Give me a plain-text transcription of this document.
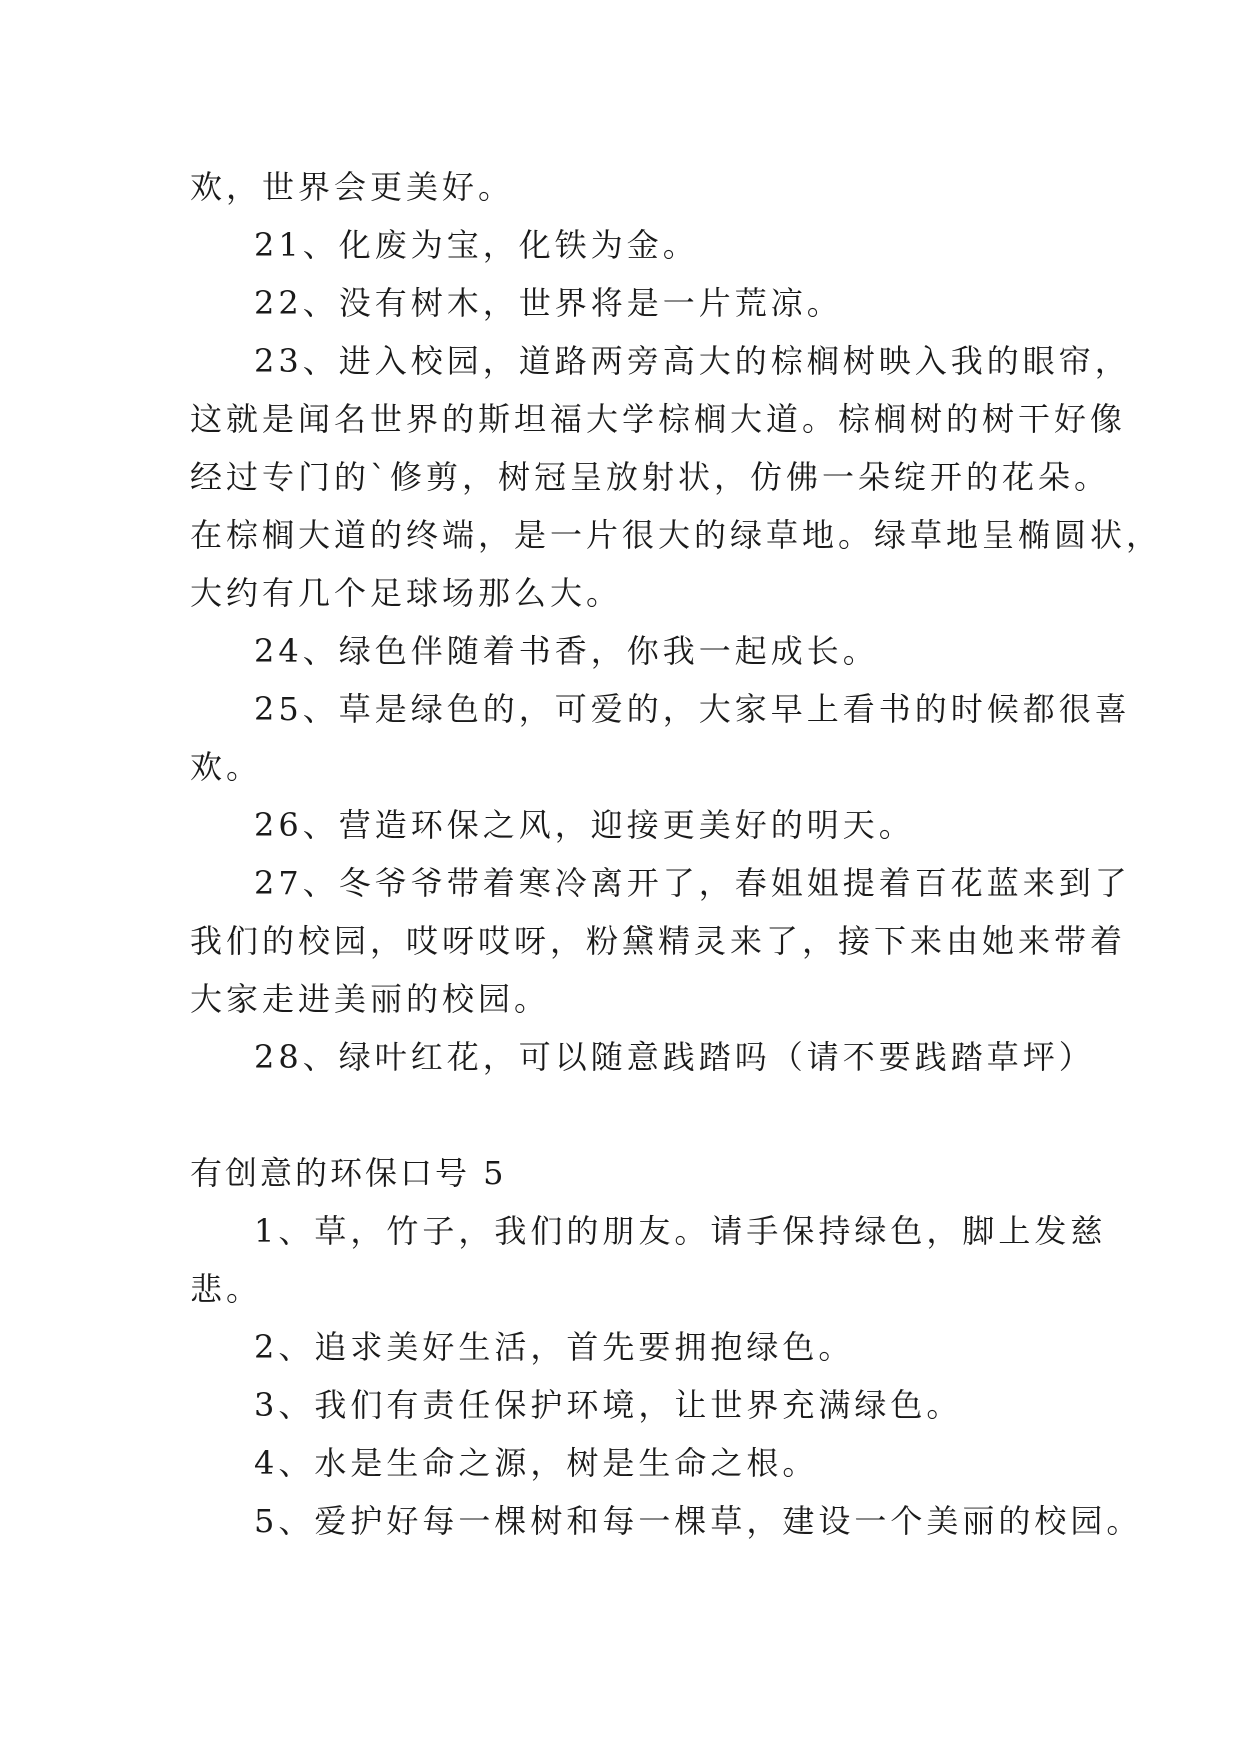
欢，世界会更美好。
21、化废为宝，化铁为金。
22、没有树木，世界将是一片荒凉。
23、进入校园，道路两旁高大的棕榈树映入我的眼帘，
这就是闻名世界的斯坦福大学棕榈大道。棕榈树的树干好像
经过专门的`修剪，树冠呈放射状，仿佛一朵绽开的花朵。
在棕榈大道的终端，是一片很大的绿草地。绿草地呈椭圆状，
大约有几个足球场那么大。
24、绿色伴随着书香，你我一起成长。
25、草是绿色的，可爱的，大家早上看书的时候都很喜
欢。
26、营造环保之风，迎接更美好的明天。
27、冬爷爷带着寒冷离开了，春姐姐提着百花蓝来到了
我们的校园，哎呀哎呀，粉黛精灵来了，接下来由她来带着
大家走进美丽的校园。
28、绿叶红花，可以随意践踏吗（请不要践踏草坪）
有创意的环保口号 5
1、草，竹子，我们的朋友。请手保持绿色，脚上发慈
悲。
2、追求美好生活，首先要拥抱绿色。
3、我们有责任保护环境，让世界充满绿色。
4、水是生命之源，树是生命之根。
5、爱护好每一棵树和每一棵草，建设一个美丽的校园。
